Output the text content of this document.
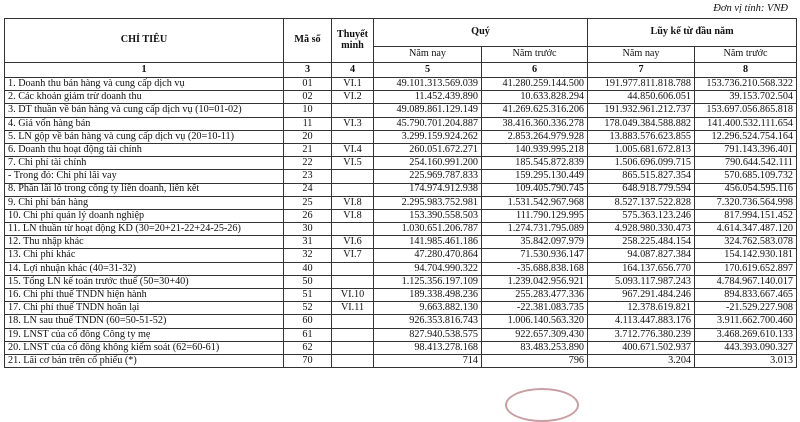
Đơn vị tính: VNĐ
CHỈ TIÊU	Mã số	Thuyết minh	Quý		Lũy kế từ đầu năm	
			Năm nay	Năm trước	Năm nay	Năm trước
1	3	4	5	6	7	8
1. Doanh thu bán hàng và cung cấp dịch vụ	01	VI.1	49.101.313.569.039	41.280.259.144.500	191.977.811.818.788	153.736.210.568.322
2. Các khoản giảm trừ doanh thu	02	VI.2	11.452.439.890	10.633.828.294	44.850.606.051	39.153.702.504
3. DT thuần về bán hàng và cung cấp dịch vụ (10=01-02)	10		49.089.861.129.149	41.269.625.316.206	191.932.961.212.737	153.697.056.865.818
4. Giá vốn hàng bán	11	VI.3	45.790.701.204.887	38.416.360.336.278	178.049.384.588.882	141.400.532.111.654
5. LN gộp về bán hàng và cung cấp dịch vụ (20=10-11)	20		3.299.159.924.262	2.853.264.979.928	13.883.576.623.855	12.296.524.754.164
6. Doanh thu hoạt động tài chính	21	VI.4	260.051.672.271	140.939.995.218	1.005.681.672.813	791.143.396.401
7. Chi phí tài chính	22	VI.5	254.160.991.200	185.545.872.839	1.506.696.099.715	790.644.542.111
- Trong đó: Chi phí lãi vay	23		225.969.787.833	159.295.130.449	865.515.827.354	570.685.109.732
8. Phần lãi lỗ trong công ty liên doanh, liên kết	24		174.974.912.938	109.405.790.745	648.918.779.594	456.054.595.116
9. Chi phí bán hàng	25	VI.8	2.295.983.752.981	1.531.542.967.968	8.527.137.522.828	7.320.736.564.998
10. Chi phí quản lý doanh nghiệp	26	VI.8	153.390.558.503	111.790.129.995	575.363.123.246	817.994.151.452
11. LN thuần từ hoạt động KD (30=20+21-22+24-25-26)	30		1.030.651.206.787	1.274.731.795.089	4.928.980.330.473	4.614.347.487.120
12. Thu nhập khác	31	VI.6	141.985.461.186	35.842.097.979	258.225.484.154	324.762.583.078
13. Chi phí khác	32	VI.7	47.280.470.864	71.530.936.147	94.087.827.384	154.142.930.181
14. Lợi nhuận khác (40=31-32)	40		94.704.990.322	-35.688.838.168	164.137.656.770	170.619.652.897
15. Tổng LN kế toán trước thuế (50=30+40)	50		1.125.356.197.109	1.239.042.956.921	5.093.117.987.243	4.784.967.140.017
16. Chi phí thuế TNDN hiện hành	51	VI.10	189.338.498.236	255.283.477.336	967.291.484.246	894.833.667.465
17. Chi phí thuế TNDN hoãn lại	52	VI.11	9.663.882.130	-22.381.083.735	12.378.619.821	-21.529.227.908
18. LN sau thuế TNDN (60=50-51-52)	60		926.353.816.743	1.006.140.563.320	4.113.447.883.176	3.911.662.700.460
19. LNST của cổ đông Công ty mẹ	61		827.940.538.575	922.657.309.430	3.712.776.380.239	3.468.269.610.133
20. LNST của cổ đông không kiểm soát (62=60-61)	62		98.413.278.168	83.483.253.890	400.671.502.937	443.393.090.327
21. Lãi cơ bản trên cổ phiếu (*)	70		714	796	3.204	3.013
